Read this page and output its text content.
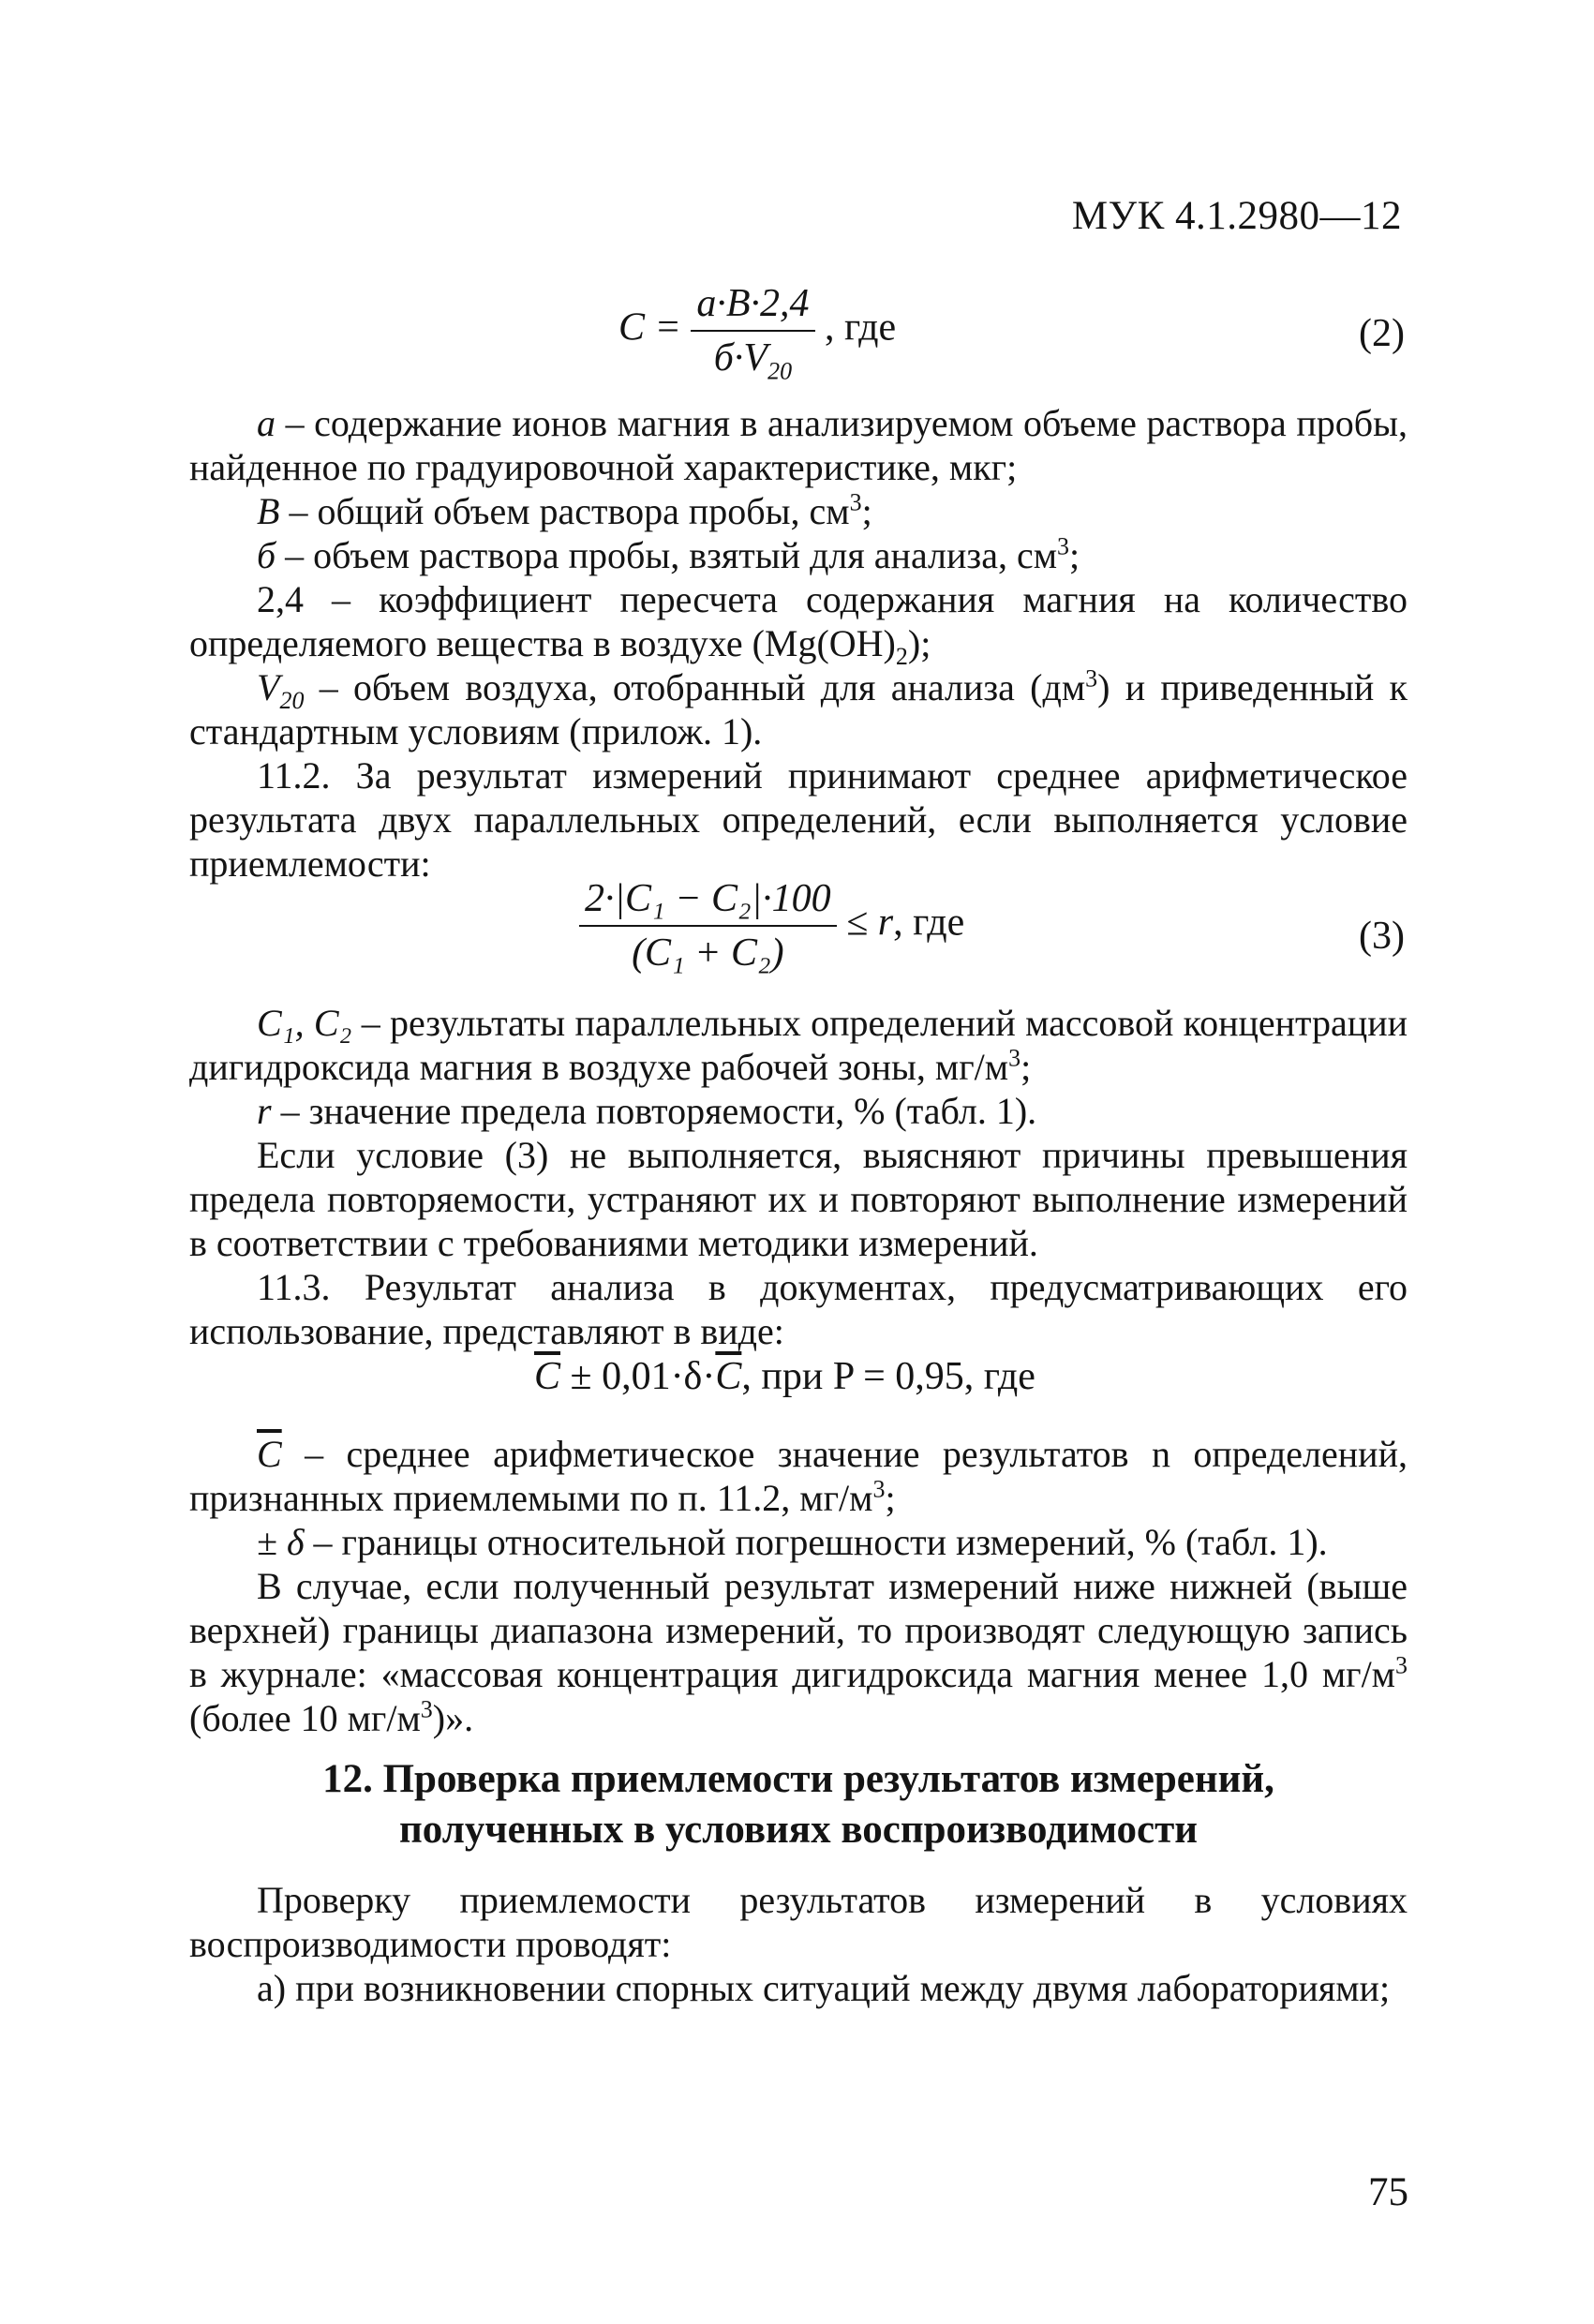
МУК 4.1.2980—12
$C = \frac{a\cdot B\cdot 2,4}{б\cdot V_{20}}$ , где	(2)
a – содержание ионов магния в анализируемом объеме раствора пробы, найденное по градуировочной характеристике, мкг;
B – общий объем раствора пробы, $см^3$;
б – объем раствора пробы, взятый для анализа, $см^3$;
2,4 – коэффициент пересчета содержания магния на количество определяемого вещества в воздухе $(Mg(OH)_2)$;
$V_{20}$ – объем воздуха, отобранный для анализа $(дм^3)$ и приведенный к стандартным условиям (прилож. 1).
11.2. За результат измерений принимают среднее арифметическое результата двух параллельных определений, если выполняется условие приемлемости:
$\frac{\text{2·|C₁ − C₂|·100}}{\text{(C₁ + C₂)}} \le r$, где	(3)
C₁, C₂ – результаты параллельных определений массовой концентрации дигидроксида магния в воздухе рабочей зоны, $мг/м^3$;
r – значение предела повторяемости, % (табл. 1).
Если условие (3) не выполняется, выясняют причины превышения предела повторяемости, устраняют их и повторяют выполнение измерений в соответствии с требованиями методики измерений.
11.3. Результат анализа в документах, предусматривающих его использование, представляют в виде:
$\overline{C} \pm 0,01\cdot\delta\cdot\overline{C}$, при P = 0,95, где
$\overline{C}$ – среднее арифметическое значение результатов n определений, признанных приемлемыми по п. 11.2, $мг/м^3$;
± δ – границы относительной погрешности измерений, % (табл. 1).
В случае, если полученный результат измерений ниже нижней (выше верхней) границы диапазона измерений, то производят следующую запись в журнале: «массовая концентрация дигидроксида магния менее 1,0 $мг/м^3$ (более 10 $мг/м^3$)».
12. Проверка приемлемости результатов измерений,
полученных в условиях воспроизводимости
Проверку приемлемости результатов измерений в условиях воспроизводимости проводят:
а) при возникновении спорных ситуаций между двумя лабораториями;
75
